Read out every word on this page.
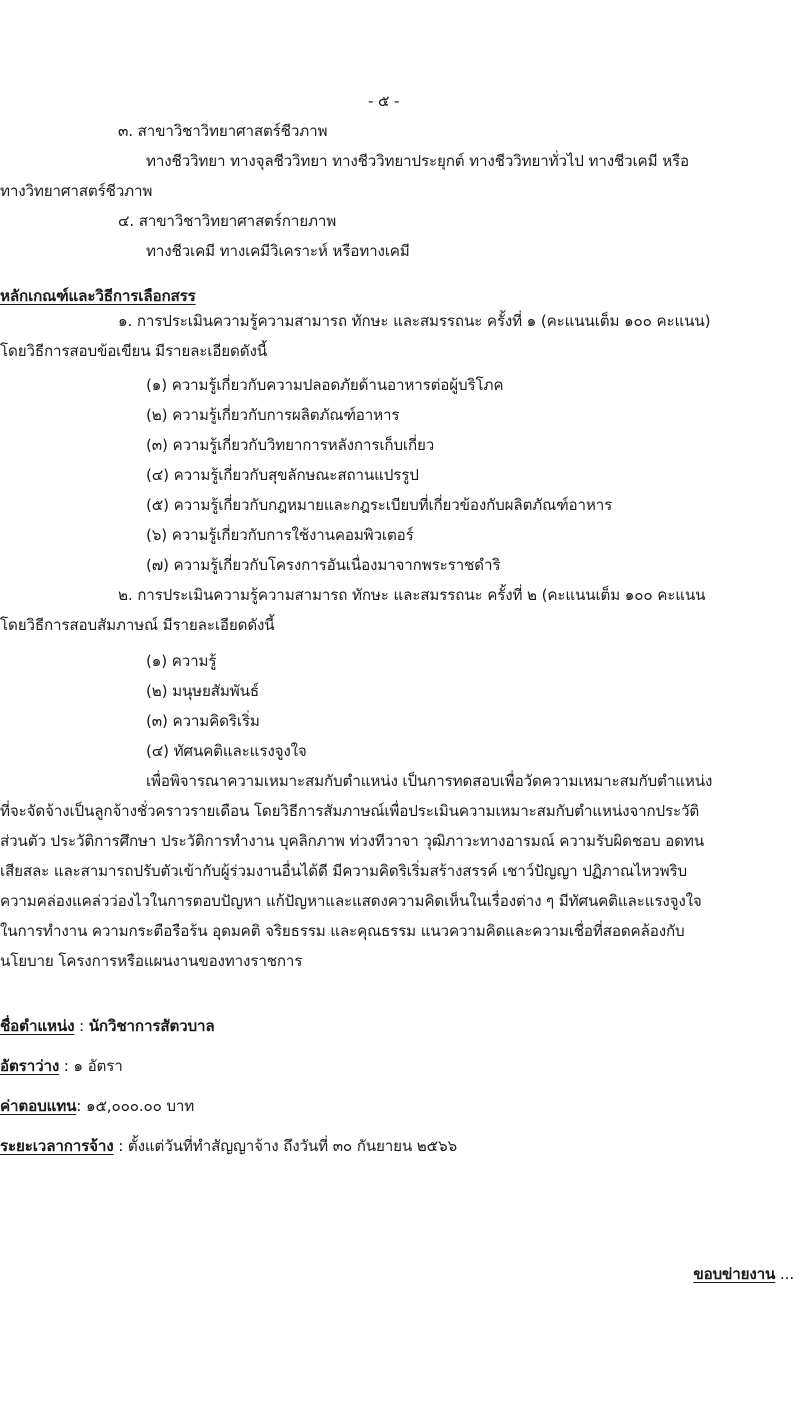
- ๕ -

๓. สาขาวิชาวิทยาศาสตร์ชีวภาพ

ทางชีววิทยา ทางจุลชีววิทยา ทางชีววิทยาประยุกต์ ทางชีววิทยาทั่วไป ทางชีวเคมี หรือ

ทางวิทยาศาสตร์ชีวภาพ

๔. สาขาวิชาวิทยาศาสตร์กายภาพ

ทางชีวเคมี ทางเคมีวิเคราะห์ หรือทางเคมี

หลักเกณฑ์และวิธีการเลือกสรร

๑. การประเมินความรู้ความสามารถ ทักษะ และสมรรถนะ ครั้งที่ ๑ (คะแนนเต็ม ๑๐๐ คะแนน)

โดยวิธีการสอบข้อเขียน มีรายละเอียดดังนี้

(๑) ความรู้เกี่ยวกับความปลอดภัยด้านอาหารต่อผู้บริโภค

(๒) ความรู้เกี่ยวกับการผลิตภัณฑ์อาหาร

(๓) ความรู้เกี่ยวกับวิทยาการหลังการเก็บเกี่ยว

(๔) ความรู้เกี่ยวกับสุขลักษณะสถานแปรรูป

(๕) ความรู้เกี่ยวกับกฎหมายและกฎระเบียบที่เกี่ยวข้องกับผลิตภัณฑ์อาหาร

(๖) ความรู้เกี่ยวกับการใช้งานคอมพิวเตอร์

(๗) ความรู้เกี่ยวกับโครงการอันเนื่องมาจากพระราชดำริ

๒. การประเมินความรู้ความสามารถ ทักษะ และสมรรถนะ ครั้งที่ ๒ (คะแนนเต็ม ๑๐๐ คะแนน

โดยวิธีการสอบสัมภาษณ์ มีรายละเอียดดังนี้

(๑) ความรู้

(๒) มนุษยสัมพันธ์

(๓) ความคิดริเริ่ม

(๔) ทัศนคติและแรงจูงใจ

เพื่อพิจารณาความเหมาะสมกับตำแหน่ง เป็นการทดสอบเพื่อวัดความเหมาะสมกับตำแหน่ง

ที่จะจัดจ้างเป็นลูกจ้างชั่วคราวรายเดือน โดยวิธีการสัมภาษณ์เพื่อประเมินความเหมาะสมกับตำแหน่งจากประวัติ

ส่วนตัว ประวัติการศึกษา ประวัติการทำงาน บุคลิกภาพ ท่วงทีวาจา วุฒิภาวะทางอารมณ์ ความรับผิดชอบ อดทน

เสียสละ และสามารถปรับตัวเข้ากับผู้ร่วมงานอื่นได้ดี มีความคิดริเริ่มสร้างสรรค์ เชาว์ปัญญา ปฏิภาณไหวพริบ

ความคล่องแคล่วว่องไวในการตอบปัญหา แก้ปัญหาและแสดงความคิดเห็นในเรื่องต่าง ๆ มีทัศนคติและแรงจูงใจ

ในการทำงาน ความกระตือรือร้น อุดมคติ จริยธรรม และคุณธรรม แนวความคิดและความเชื่อที่สอดคล้องกับ

นโยบาย โครงการหรือแผนงานของทางราชการ

ชื่อตำแหน่ง : นักวิชาการสัตวบาล

อัตราว่าง : ๑ อัตรา

ค่าตอบแทน: ๑๕,๐๐๐.๐๐ บาท

ระยะเวลาการจ้าง : ตั้งแต่วันที่ทำสัญญาจ้าง ถึงวันที่ ๓๐ กันยายน ๒๕๖๖

ขอบข่ายงาน ...
